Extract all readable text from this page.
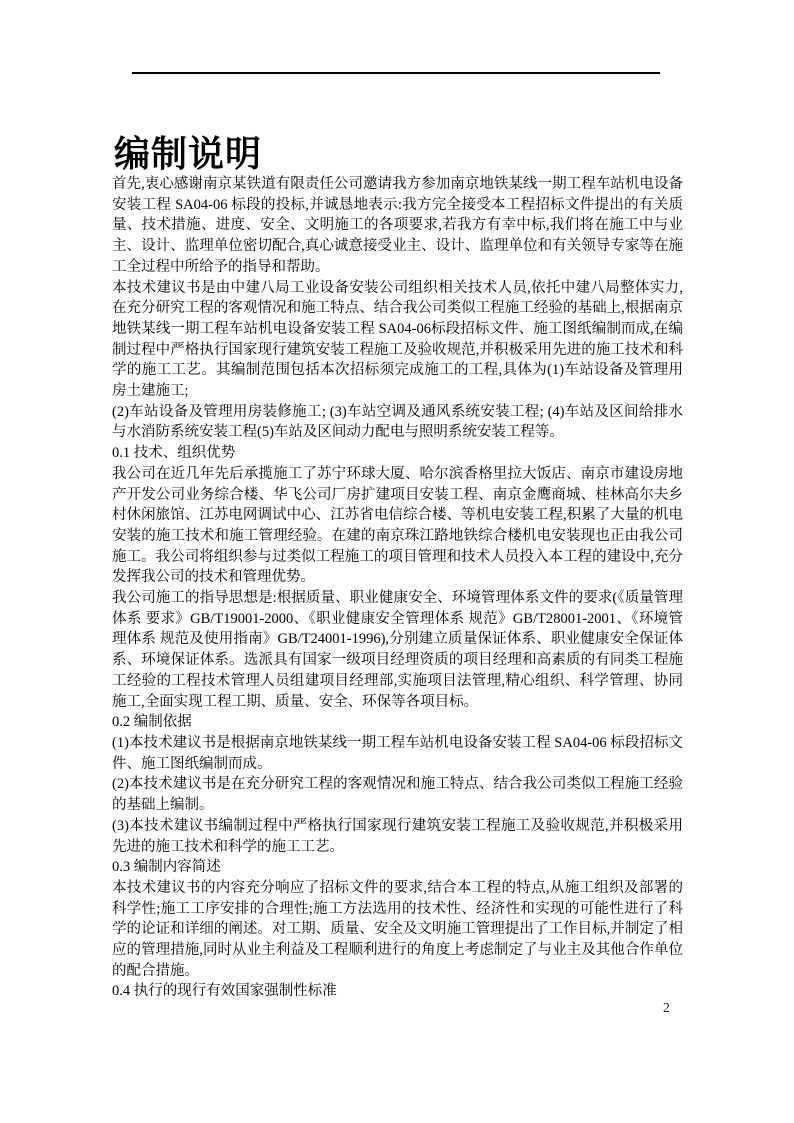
编制说明

首先,衷心感谢南京某铁道有限责任公司邀请我方参加南京地铁某线一期工程车站机电设备安装工程 SA04-06 标段的投标,并诚恳地表示:我方完全接受本工程招标文件提出的有关质量、技术措施、进度、安全、文明施工的各项要求,若我方有幸中标,我们将在施工中与业主、设计、监理单位密切配合,真心诚意接受业主、设计、监理单位和有关领导专家等在施工全过程中所给予的指导和帮助。

本技术建议书是由中建八局工业设备安装公司组织相关技术人员,依托中建八局整体实力,在充分研究工程的客观情况和施工特点、结合我公司类似工程施工经验的基础上,根据南京地铁某线一期工程车站机电设备安装工程 SA04-06标段招标文件、施工图纸编制而成,在编制过程中严格执行国家现行建筑安装工程施工及验收规范,并积极采用先进的施工技术和科学的施工工艺。其编制范围包括本次招标须完成施工的工程,具体为(1)车站设备及管理用房土建施工;

(2)车站设备及管理用房装修施工; (3)车站空调及通风系统安装工程; (4)车站及区间给排水与水消防系统安装工程(5)车站及区间动力配电与照明系统安装工程等。

0.1 技术、组织优势

我公司在近几年先后承揽施工了苏宁环球大厦、哈尔滨香格里拉大饭店、南京市建设房地产开发公司业务综合楼、华飞公司厂房扩建项目安装工程、南京金鹰商城、桂林高尔夫乡村休闲旅馆、江苏电网调试中心、江苏省电信综合楼、等机电安装工程,积累了大量的机电安装的施工技术和施工管理经验。在建的南京珠江路地铁综合楼机电安装现也正由我公司施工。我公司将组织参与过类似工程施工的项目管理和技术人员投入本工程的建设中,充分发挥我公司的技术和管理优势。

我公司施工的指导思想是:根据质量、职业健康安全、环境管理体系文件的要求(《质量管理体系 要求》GB/T19001-2000、《职业健康安全管理体系 规范》GB/T28001-2001、《环境管理体系 规范及使用指南》GB/T24001-1996),分别建立质量保证体系、职业健康安全保证体系、环境保证体系。选派具有国家一级项目经理资质的项目经理和高素质的有同类工程施工经验的工程技术管理人员组建项目经理部,实施项目法管理,精心组织、科学管理、协同施工,全面实现工程工期、质量、安全、环保等各项目标。

0.2 编制依据

(1)本技术建议书是根据南京地铁某线一期工程车站机电设备安装工程 SA04-06 标段招标文件、施工图纸编制而成。

(2)本技术建议书是在充分研究工程的客观情况和施工特点、结合我公司类似工程施工经验的基础上编制。

(3)本技术建议书编制过程中严格执行国家现行建筑安装工程施工及验收规范,并积极采用先进的施工技术和科学的施工工艺。

0.3 编制内容简述

本技术建议书的内容充分响应了招标文件的要求,结合本工程的特点,从施工组织及部署的科学性;施工工序安排的合理性;施工方法选用的技术性、经济性和实现的可能性进行了科学的论证和详细的阐述。对工期、质量、安全及文明施工管理提出了工作目标,并制定了相应的管理措施,同时从业主利益及工程顺利进行的角度上考虑制定了与业主及其他合作单位的配合措施。

0.4 执行的现行有效国家强制性标准

2
